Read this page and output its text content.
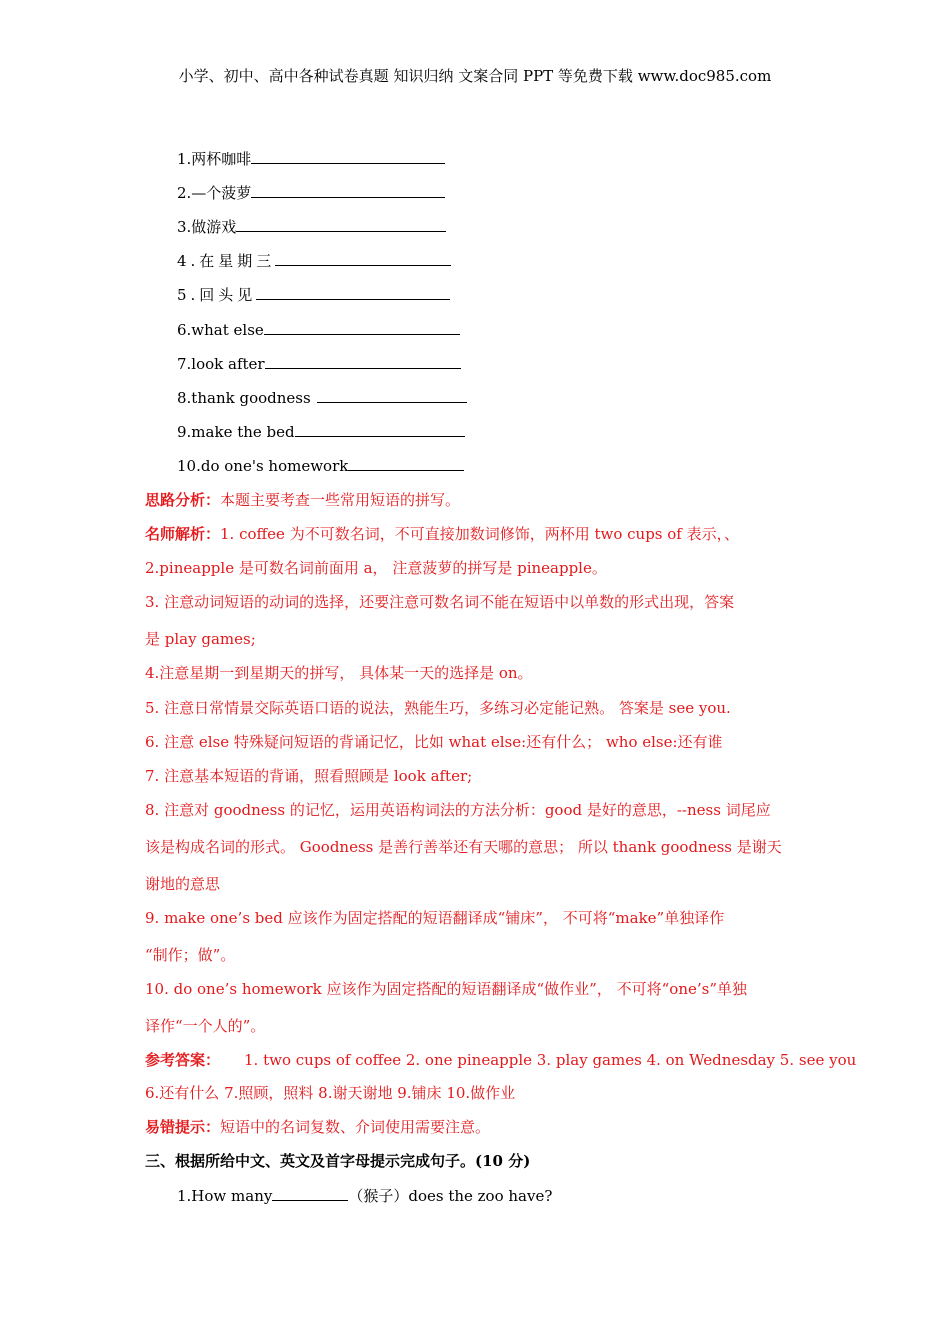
小学、初中、高中各种试卷真题 知识归纳 文案合同 PPT 等免费下载 www.doc985.com
1.两杯咖啡
2.—个菠萝
3.做游戏
4.在星期三
5.回头见
6.what else
7.look after
8.thank goodness
9.make the bed
10.do one's homework
思路分析：本题主要考查一些常用短语的拼写。
名师解析：1. coffee 为不可数名词，不可直接加数词修饰，两杯用 two cups of 表示，、
2.pineapple 是可数名词前面用 a， 注意菠萝的拼写是 pineapple。
3. 注意动词短语的动词的选择，还要注意可数名词不能在短语中以单数的形式出现，答案
是 play games;
4.注意星期一到星期天的拼写， 具体某一天的选择是 on。
5. 注意日常情景交际英语口语的说法，熟能生巧，多练习必定能记熟。 答案是 see you.
6. 注意 else 特殊疑问短语的背诵记忆，比如 what else:还有什么； who else:还有谁
7. 注意基本短语的背诵，照看照顾是 look after;
8. 注意对 goodness 的记忆，运用英语构词法的方法分析：good 是好的意思，--ness 词尾应
该是构成名词的形式。 Goodness 是善行善举还有天哪的意思； 所以 thank goodness 是谢天
谢地的意思
9. make one’s bed 应该作为固定搭配的短语翻译成“铺床”， 不可将“make”单独译作
“制作；做”。
10. do one’s homework 应该作为固定搭配的短语翻译成“做作业”， 不可将“one’s”单独
译作“一个人的”。
参考答案： 1. two cups of coffee 2. one pineapple 3. play games 4. on Wednesday 5. see you
6.还有什么 7.照顾，照料 8.谢天谢地 9.铺床 10.做作业
易错提示：短语中的名词复数、介词使用需要注意。
三、根据所给中文、英文及首字母提示完成句子。(10 分)
1.How many	（猴子）does the zoo have?
